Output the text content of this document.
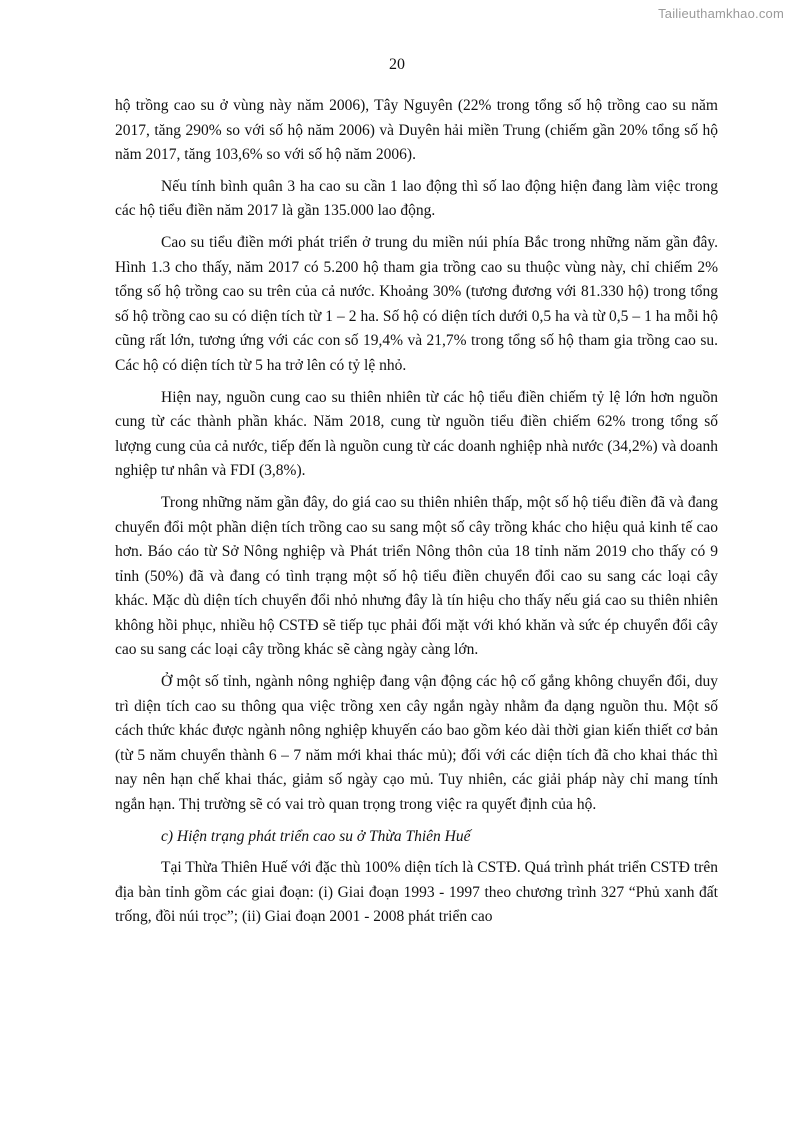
Tailieuthamkhao.com
20

hộ trồng cao su ở vùng này năm 2006), Tây Nguyên (22% trong tổng số hộ trồng cao su năm 2017, tăng 290% so với số hộ năm 2006) và Duyên hải miền Trung (chiếm gần 20% tổng số hộ năm 2017, tăng 103,6% so với số hộ năm 2006).

Nếu tính bình quân 3 ha cao su cần 1 lao động thì số lao động hiện đang làm việc trong các hộ tiểu điền năm 2017 là gần 135.000 lao động.

Cao su tiểu điền mới phát triển ở trung du miền núi phía Bắc trong những năm gần đây. Hình 1.3 cho thấy, năm 2017 có 5.200 hộ tham gia trồng cao su thuộc vùng này, chỉ chiếm 2% tổng số hộ trồng cao su trên của cả nước. Khoảng 30% (tương đương với 81.330 hộ) trong tổng số hộ trồng cao su có diện tích từ 1 – 2 ha. Số hộ có diện tích dưới 0,5 ha và từ 0,5 – 1 ha mỗi hộ cũng rất lớn, tương ứng với các con số 19,4% và 21,7% trong tổng số hộ tham gia trồng cao su. Các hộ có diện tích từ 5 ha trở lên có tỷ lệ nhỏ.

Hiện nay, nguồn cung cao su thiên nhiên từ các hộ tiểu điền chiếm tỷ lệ lớn hơn nguồn cung từ các thành phần khác. Năm 2018, cung từ nguồn tiểu điền chiếm 62% trong tổng số lượng cung của cả nước, tiếp đến là nguồn cung từ các doanh nghiệp nhà nước (34,2%) và doanh nghiệp tư nhân và FDI (3,8%).

Trong những năm gần đây, do giá cao su thiên nhiên thấp, một số hộ tiểu điền đã và đang chuyển đổi một phần diện tích trồng cao su sang một số cây trồng khác cho hiệu quả kinh tế cao hơn. Báo cáo từ Sở Nông nghiệp và Phát triển Nông thôn của 18 tỉnh năm 2019 cho thấy có 9 tỉnh (50%) đã và đang có tình trạng một số hộ tiểu điền chuyển đổi cao su sang các loại cây khác. Mặc dù diện tích chuyển đổi nhỏ nhưng đây là tín hiệu cho thấy nếu giá cao su thiên nhiên không hồi phục, nhiều hộ CSTĐ sẽ tiếp tục phải đối mặt với khó khăn và sức ép chuyển đổi cây cao su sang các loại cây trồng khác sẽ càng ngày càng lớn.

Ở một số tỉnh, ngành nông nghiệp đang vận động các hộ cố gắng không chuyển đổi, duy trì diện tích cao su thông qua việc trồng xen cây ngắn ngày nhằm đa dạng nguồn thu. Một số cách thức khác được ngành nông nghiệp khuyến cáo bao gồm kéo dài thời gian kiến thiết cơ bản (từ 5 năm chuyển thành 6 – 7 năm mới khai thác mủ); đối với các diện tích đã cho khai thác thì nay nên hạn chế khai thác, giảm số ngày cạo mủ. Tuy nhiên, các giải pháp này chỉ mang tính ngắn hạn. Thị trường sẽ có vai trò quan trọng trong việc ra quyết định của hộ.

c) Hiện trạng phát triển cao su ở Thừa Thiên Huế

Tại Thừa Thiên Huế với đặc thù 100% diện tích là CSTĐ. Quá trình phát triển CSTĐ trên địa bàn tỉnh gồm các giai đoạn: (i) Giai đoạn 1993 - 1997 theo chương trình 327 “Phủ xanh đất trống, đồi núi trọc”; (ii) Giai đoạn 2001 - 2008 phát triển cao
